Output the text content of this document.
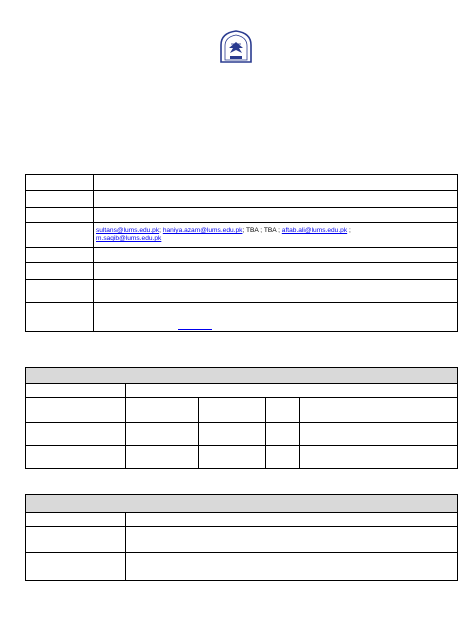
	sultans@lums.edu.pk; haniya.azam@lums.edu.pk; TBA ; TBA ; aftab.ali@lums.edu.pk ;
m.saqib@lums.edu.pk
